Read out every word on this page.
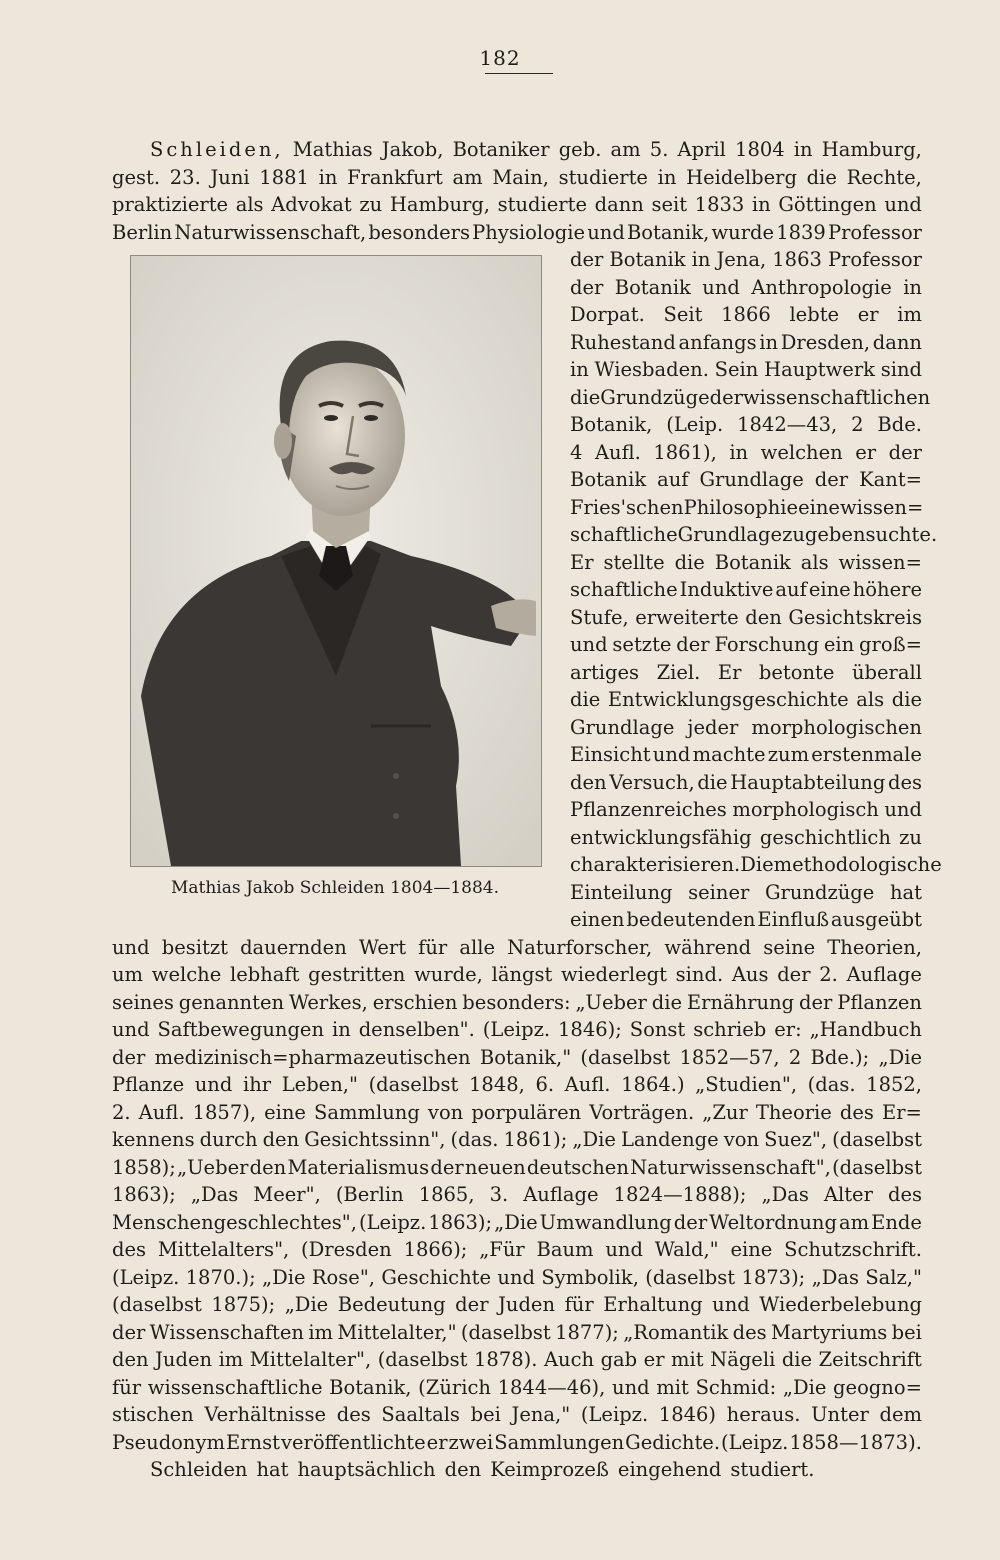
182
Mathias Jakob Schleiden 1804—1884.
Schleiden, Mathias Jakob, Botaniker geb. am 5. April 1804 in Hamburg,
gest. 23. Juni 1881 in Frankfurt am Main, studierte in Heidelberg die Rechte,
praktizierte als Advokat zu Hamburg, studierte dann seit 1833 in Göttingen und
Berlin Naturwissenschaft, besonders Physiologie und Botanik, wurde 1839 Professor
der Botanik in Jena, 1863 Professor
der Botanik und Anthropologie in
Dorpat. Seit 1866 lebte er im
Ruhestand anfangs in Dresden, dann
in Wiesbaden. Sein Hauptwerk sind
die Grundzüge der wissenschaftlichen
Botanik, (Leip. 1842—43, 2 Bde.
4 Aufl. 1861), in welchen er der
Botanik auf Grundlage der Kant=
Fries'schen Philosophie eine wissen=
schaftliche Grundlage zu geben suchte.
Er stellte die Botanik als wissen=
schaftliche Induktive auf eine höhere
Stufe, erweiterte den Gesichtskreis
und setzte der Forschung ein groß=
artiges Ziel. Er betonte überall
die Entwicklungsgeschichte als die
Grundlage jeder morphologischen
Einsicht und machte zum erstenmale
den Versuch, die Hauptabteilung des
Pflanzenreiches morphologisch und
entwicklungsfähig geschichtlich zu
charakterisieren. Die methodologische
Einteilung seiner Grundzüge hat
einen bedeutenden Einfluß ausgeübt
und besitzt dauernden Wert für alle Naturforscher, während seine Theorien,
um welche lebhaft gestritten wurde, längst wiederlegt sind. Aus der 2. Auflage
seines genannten Werkes, erschien besonders: „Ueber die Ernährung der Pflanzen
und Saftbewegungen in denselben". (Leipz. 1846); Sonst schrieb er: „Handbuch
der medizinisch=pharmazeutischen Botanik," (daselbst 1852—57, 2 Bde.); „Die
Pflanze und ihr Leben," (daselbst 1848, 6. Aufl. 1864.) „Studien", (das. 1852,
2. Aufl. 1857), eine Sammlung von porpulären Vorträgen. „Zur Theorie des Er=
kennens durch den Gesichtssinn", (das. 1861); „Die Landenge von Suez", (daselbst
1858); „Ueber den Materialismus der neuen deutschen Naturwissenschaft", (daselbst
1863); „Das Meer", (Berlin 1865, 3. Auflage 1824—1888); „Das Alter des
Menschengeschlechtes", (Leipz. 1863); „Die Umwandlung der Weltordnung am Ende
des Mittelalters", (Dresden 1866); „Für Baum und Wald," eine Schutzschrift.
(Leipz. 1870.); „Die Rose", Geschichte und Symbolik, (daselbst 1873); „Das Salz,"
(daselbst 1875); „Die Bedeutung der Juden für Erhaltung und Wiederbelebung
der Wissenschaften im Mittelalter," (daselbst 1877); „Romantik des Martyriums bei
den Juden im Mittelalter", (daselbst 1878). Auch gab er mit Nägeli die Zeitschrift
für wissenschaftliche Botanik, (Zürich 1844—46), und mit Schmid: „Die geogno=
stischen Verhältnisse des Saaltals bei Jena," (Leipz. 1846) heraus. Unter dem
Pseudonym Ernst veröffentlichte er zwei Sammlungen Gedichte. (Leipz. 1858—1873).
Schleiden hat hauptsächlich den Keimprozeß eingehend studiert.
